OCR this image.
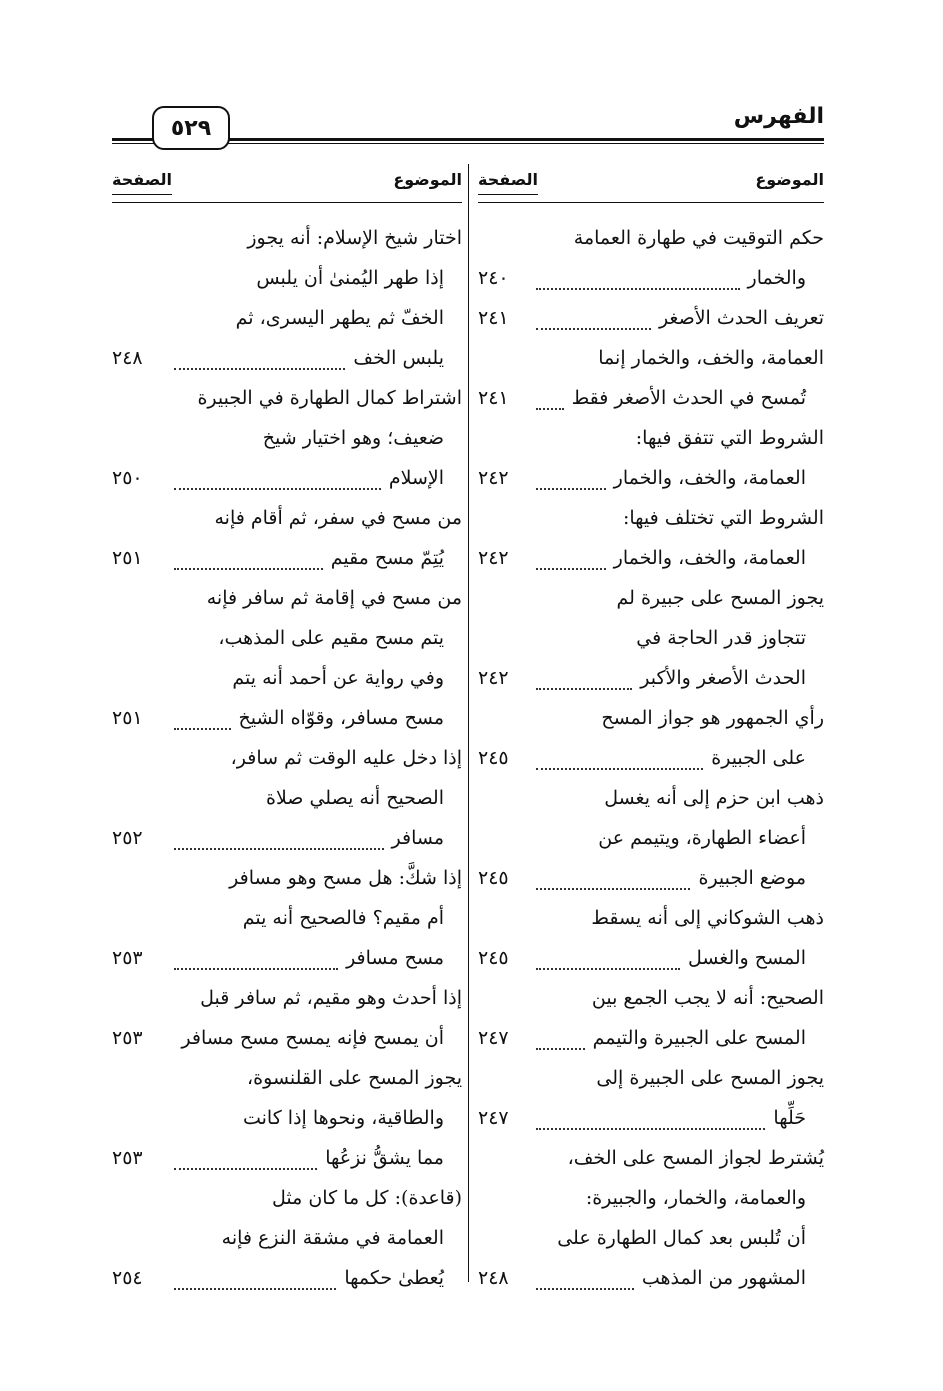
الفهرس
٥٢٩
الموضوع
الصفحة
حكم التوقيت في طهارة العمامة
والخمار
٢٤٠
تعريف الحدث الأصغر
٢٤١
العمامة، والخف، والخمار إنما
تُمسح في الحدث الأصغر فقط
٢٤١
الشروط التي تتفق فيها:
العمامة، والخف، والخمار
٢٤٢
الشروط التي تختلف فيها:
العمامة، والخف، والخمار
٢٤٢
يجوز المسح على جبيرة لم
تتجاوز قدر الحاجة في
الحدث الأصغر والأكبر
٢٤٢
رأي الجمهور هو جواز المسح
على الجبيرة
٢٤٥
ذهب ابن حزم إلى أنه يغسل
أعضاء الطهارة، ويتيمم عن
موضع الجبيرة
٢٤٥
ذهب الشوكاني إلى أنه يسقط
المسح والغسل
٢٤٥
الصحيح: أنه لا يجب الجمع بين
المسح على الجبيرة والتيمم
٢٤٧
يجوز المسح على الجبيرة إلى
حَلِّها
٢٤٧
يُشترط لجواز المسح على الخف،
والعمامة، والخمار، والجبيرة:
أن تُلبس بعد كمال الطهارة على
المشهور من المذهب
٢٤٨
الموضوع
الصفحة
اختار شيخ الإسلام: أنه يجوز
إذا طهر اليُمنىٰ أن يلبس
الخفّ ثم يطهر اليسرى، ثم
يلبس الخف
٢٤٨
اشتراط كمال الطهارة في الجبيرة
ضعيف؛ وهو اختيار شيخ
الإسلام
٢٥٠
من مسح في سفر، ثم أقام فإنه
يُتِمّ مسح مقيم
٢٥١
من مسح في إقامة ثم سافر فإنه
يتم مسح مقيم على المذهب،
وفي رواية عن أحمد أنه يتم
مسح مسافر، وقوّاه الشيخ
٢٥١
إذا دخل عليه الوقت ثم سافر،
الصحيح أنه يصلي صلاة
مسافر
٢٥٢
إذا شكَّ: هل مسح وهو مسافر
أم مقيم؟ فالصحيح أنه يتم
مسح مسافر
٢٥٣
إذا أحدث وهو مقيم، ثم سافر قبل
أن يمسح فإنه يمسح مسح مسافر
٢٥٣
يجوز المسح على القلنسوة،
والطاقية، ونحوها إذا كانت
مما يشقُّ نزعُها
٢٥٣
(قاعدة): كل ما كان مثل
العمامة في مشقة النزع فإنه
يُعطىٰ حكمها
٢٥٤
